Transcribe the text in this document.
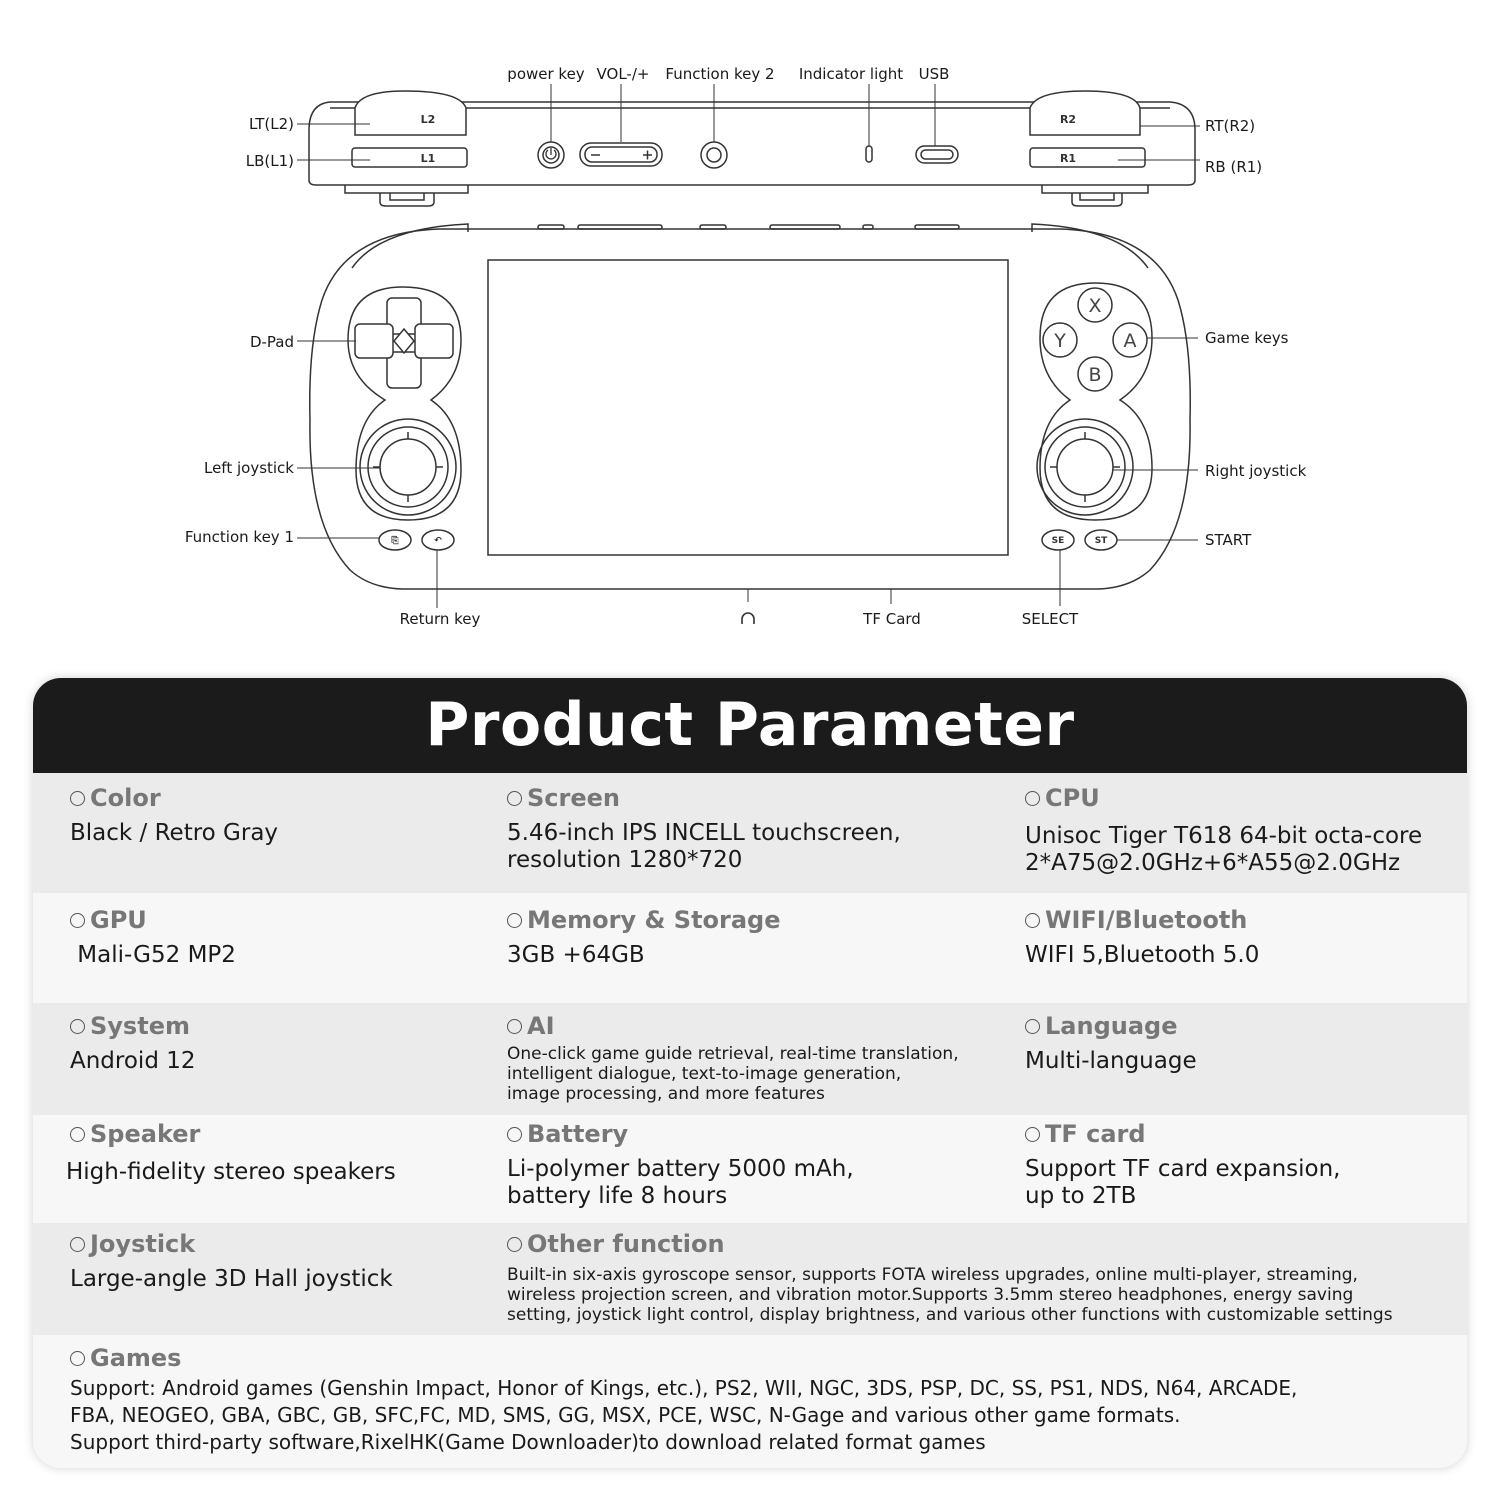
L2
L1
R2
R1
X
Y	A
B
SE	ST
⎘	↶
power key VOL-/+ Function key 2 Indicator light USB
LT(L2)
LB(L1)
RT(R2)
RB (R1)
D-Pad
Left joystick
Function key 1
Return key	TF Card	SELECT
START
Game keys
Right joystick
Product Parameter
Color
Black / Retro Gray
Screen
5.46-inch IPS INCELL touchscreen,
resolution 1280*720
CPU
Unisoc Tiger T618 64-bit octa-core
2*A75@2.0GHz+6*A55@2.0GHz
GPU
Mali-G52 MP2
Memory & Storage
3GB +64GB
WIFI/Bluetooth
WIFI 5,Bluetooth 5.0
System
Android 12
AI
One-click game guide retrieval, real-time translation,
intelligent dialogue, text-to-image generation,
image processing, and more features
Language
Multi-language
Speaker
High-fidelity stereo speakers
Battery
Li-polymer battery 5000 mAh,
battery life 8 hours
TF card
Support TF card expansion,
up to 2TB
Joystick
Large-angle 3D Hall joystick
Other function
Built-in six-axis gyroscope sensor, supports FOTA wireless upgrades, online multi-player, streaming,
wireless projection screen, and vibration motor.Supports 3.5mm stereo headphones, energy saving
setting, joystick light control, display brightness, and various other functions with customizable settings
Games
Support: Android games (Genshin Impact, Honor of Kings, etc.), PS2, WII, NGC, 3DS, PSP, DC, SS, PS1, NDS, N64, ARCADE,
FBA, NEOGEO, GBA, GBC, GB, SFC,FC, MD, SMS, GG, MSX, PCE, WSC, N-Gage and various other game formats.
Support third-party software,RixelHK(Game Downloader)to download related format games
